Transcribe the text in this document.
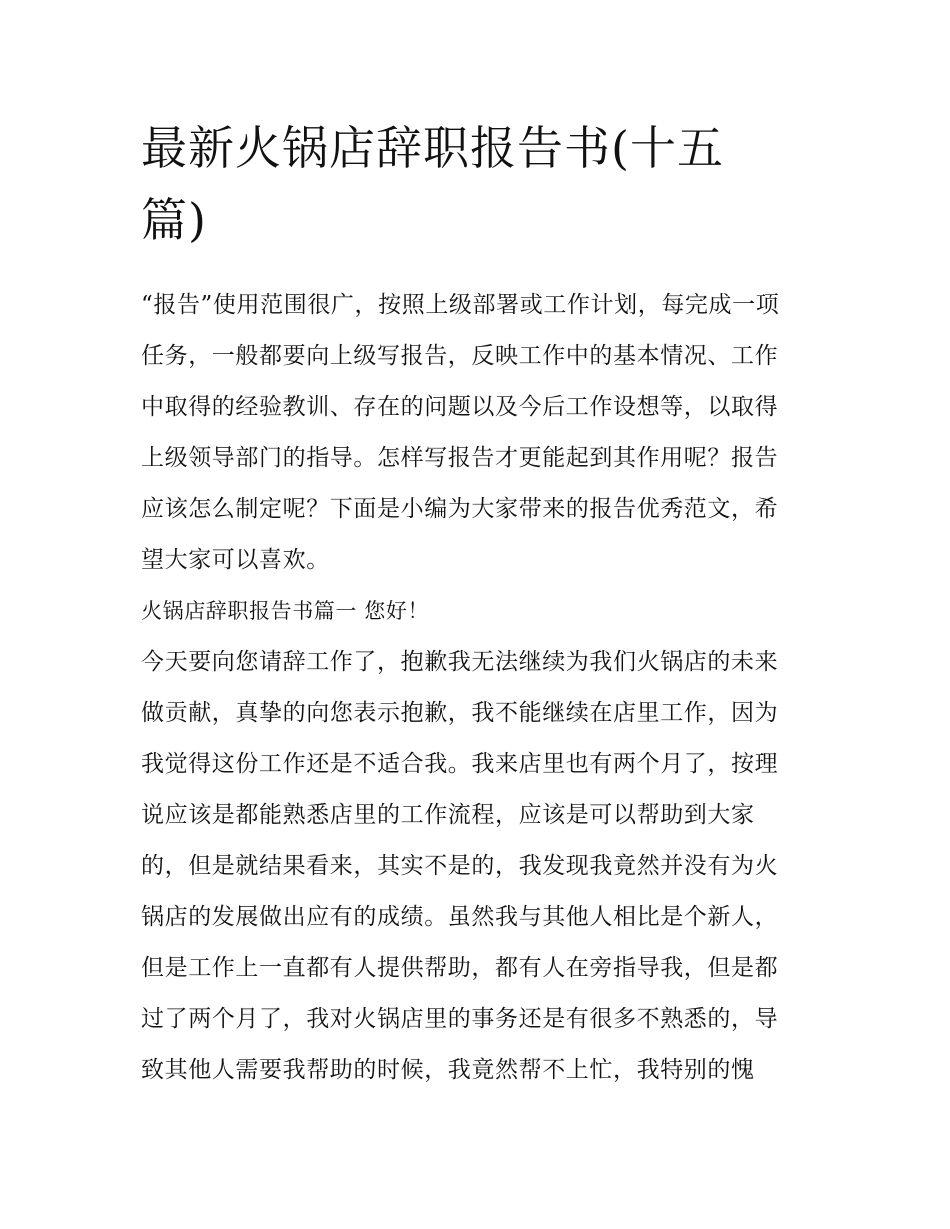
最新火锅店辞职报告书(十五
篇)
“报告”使用范围很广，按照上级部署或工作计划，每完成一项
任务，一般都要向上级写报告，反映工作中的基本情况、工作
中取得的经验教训、存在的问题以及今后工作设想等，以取得
上级领导部门的指导。怎样写报告才更能起到其作用呢？报告
应该怎么制定呢？下面是小编为大家带来的报告优秀范文，希
望大家可以喜欢。
火锅店辞职报告书篇一 您好！
今天要向您请辞工作了，抱歉我无法继续为我们火锅店的未来
做贡献，真挚的向您表示抱歉，我不能继续在店里工作，因为
我觉得这份工作还是不适合我。我来店里也有两个月了，按理
说应该是都能熟悉店里的工作流程，应该是可以帮助到大家
的，但是就结果看来，其实不是的，我发现我竟然并没有为火
锅店的发展做出应有的成绩。虽然我与其他人相比是个新人，
但是工作上一直都有人提供帮助，都有人在旁指导我，但是都
过了两个月了，我对火锅店里的事务还是有很多不熟悉的，导
致其他人需要我帮助的时候，我竟然帮不上忙，我特别的愧
